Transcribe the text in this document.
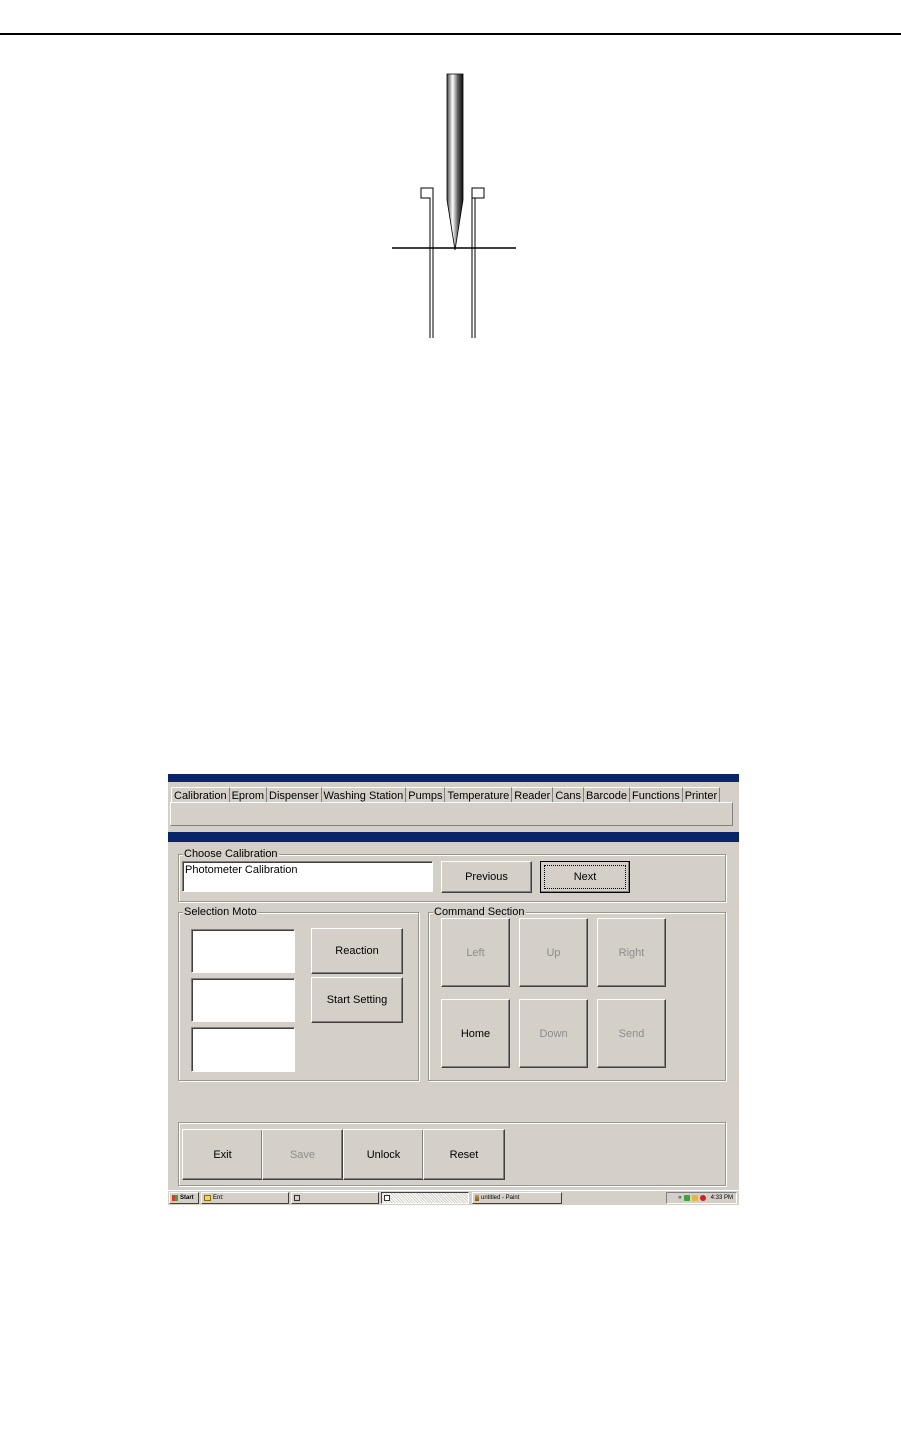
Calibration Eprom Dispenser Washing Station Pumps Temperature Reader Cans Barcode Functions Printer
Choose Calibration
Photometer Calibration
Previous	Next
Selection Moto
Reaction
Start Setting
Command Section
Left	Up	Right
Home	Down	Send
Exit	Save	Unlock	Reset
Start	Ent:	untitled - Paint	«	4:33 PM
